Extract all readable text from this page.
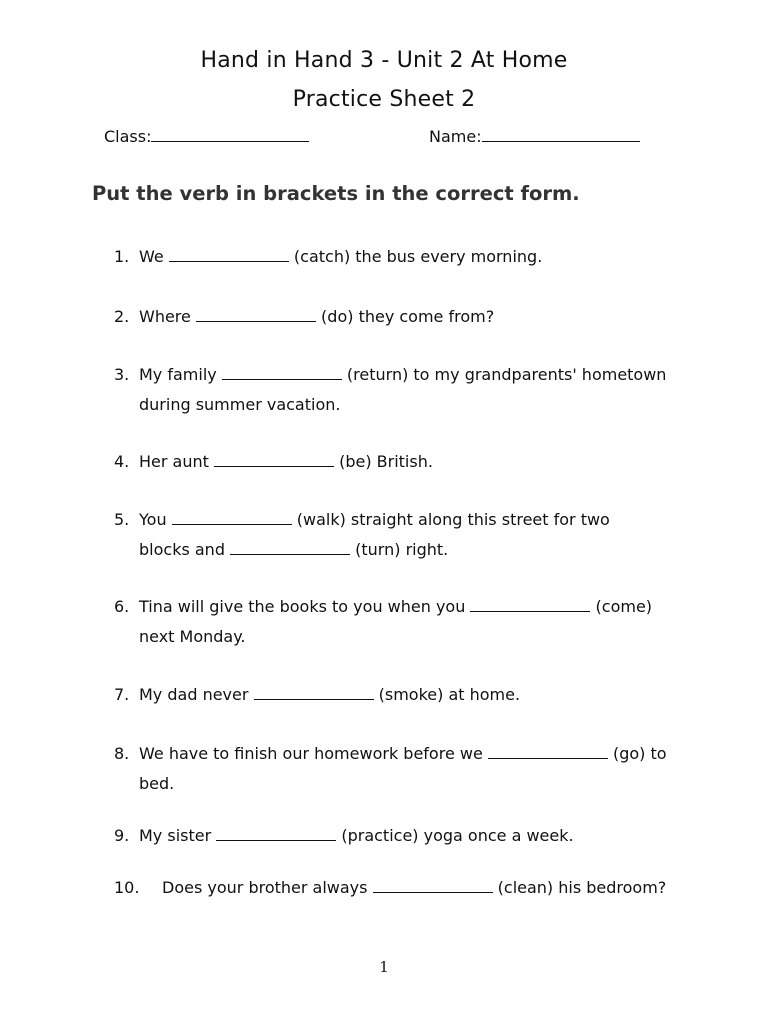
Hand in Hand 3 - Unit 2 At Home
Practice Sheet 2
Class:	Name:
Put the verb in brackets in the correct form.
1. We	(catch) the bus every morning.
2. Where	(do) they come from?
3. My family	(return) to my grandparents' hometown
during summer vacation.
4. Her aunt	(be) British.
5. You	(walk) straight along this street for two
blocks and	(turn) right.
6. Tina will give the books to you when you	(come)
next Monday.
7. My dad never	(smoke) at home.
8. We have to finish our homework before we	(go) to
bed.
9. My sister	(practice) yoga once a week.
10. Does your brother always	(clean) his bedroom?
1
